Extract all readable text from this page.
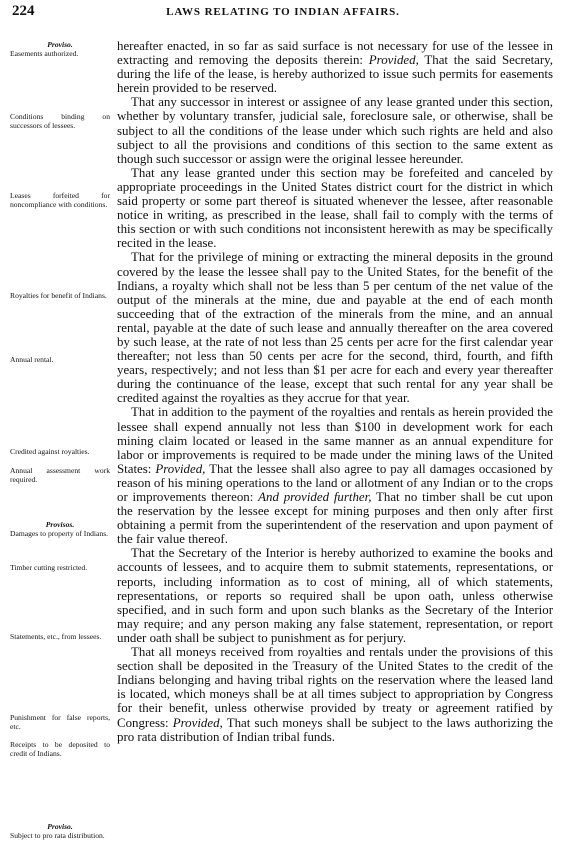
224	LAWS RELATING TO INDIAN AFFAIRS.
Proviso.
Easements authorized.
Conditions binding on successors of lessees.
Leases forfeited for noncompliance with conditions.
Royalties for benefit of Indians.
Annual rental.
Credited against royalties.
Annual assessment work required.
Provisos.
Damages to property of Indians.
Timber cutting restricted.
Statements, etc., from lessees.
Punishment for false reports, etc.
Receipts to be deposited to credit of Indians.
Proviso.
Subject to pro rata distribution.

hereafter enacted, in so far as said surface is not necessary for use of the lessee in extracting and removing the deposits therein: Provided, That the said Secretary, during the life of the lease, is hereby authorized to issue such permits for easements herein provided to be reserved.

That any successor in interest or assignee of any lease granted under this section, whether by voluntary transfer, judicial sale, foreclosure sale, or otherwise, shall be subject to all the conditions of the lease under which such rights are held and also subject to all the provisions and conditions of this section to the same extent as though such successor or assign were the original lessee hereunder.

That any lease granted under this section may be forefeited and canceled by appropriate proceedings in the United States district court for the district in which said property or some part thereof is situated whenever the lessee, after reasonable notice in writing, as prescribed in the lease, shall fail to comply with the terms of this section or with such conditions not inconsistent herewith as may be specifically recited in the lease.

That for the privilege of mining or extracting the mineral deposits in the ground covered by the lease the lessee shall pay to the United States, for the benefit of the Indians, a royalty which shall not be less than 5 per centum of the net value of the output of the minerals at the mine, due and payable at the end of each month succeeding that of the extraction of the minerals from the mine, and an annual rental, payable at the date of such lease and annually thereafter on the area covered by such lease, at the rate of not less than 25 cents per acre for the first calendar year thereafter; not less than 50 cents per acre for the second, third, fourth, and fifth years, respectively; and not less than $1 per acre for each and every year thereafter during the continuance of the lease, except that such rental for any year shall be credited against the royalties as they accrue for that year.

That in addition to the payment of the royalties and rentals as herein provided the lessee shall expend annually not less than $100 in development work for each mining claim located or leased in the same manner as an annual expenditure for labor or improvements is required to be made under the mining laws of the United States: Provided, That the lessee shall also agree to pay all damages occasioned by reason of his mining operations to the land or allotment of any Indian or to the crops or improvements thereon: And provided further, That no timber shall be cut upon the reservation by the lessee except for mining purposes and then only after first obtaining a permit from the superintendent of the reservation and upon payment of the fair value thereof.

That the Secretary of the Interior is hereby authorized to examine the books and accounts of lessees, and to acquire them to submit statements, representations, or reports, including information as to cost of mining, all of which statements, representations, or reports so required shall be upon oath, unless otherwise specified, and in such form and upon such blanks as the Secretary of the Interior may require; and any person making any false statement, representation, or report under oath shall be subject to punishment as for perjury.

That all moneys received from royalties and rentals under the provisions of this section shall be deposited in the Treasury of the United States to the credit of the Indians belonging and having tribal rights on the reservation where the leased land is located, which moneys shall be at all times subject to appropriation by Congress for their benefit, unless otherwise provided by treaty or agreement ratified by Congress: Provided, That such moneys shall be subject to the laws authorizing the pro rata distribution of Indian tribal funds.
